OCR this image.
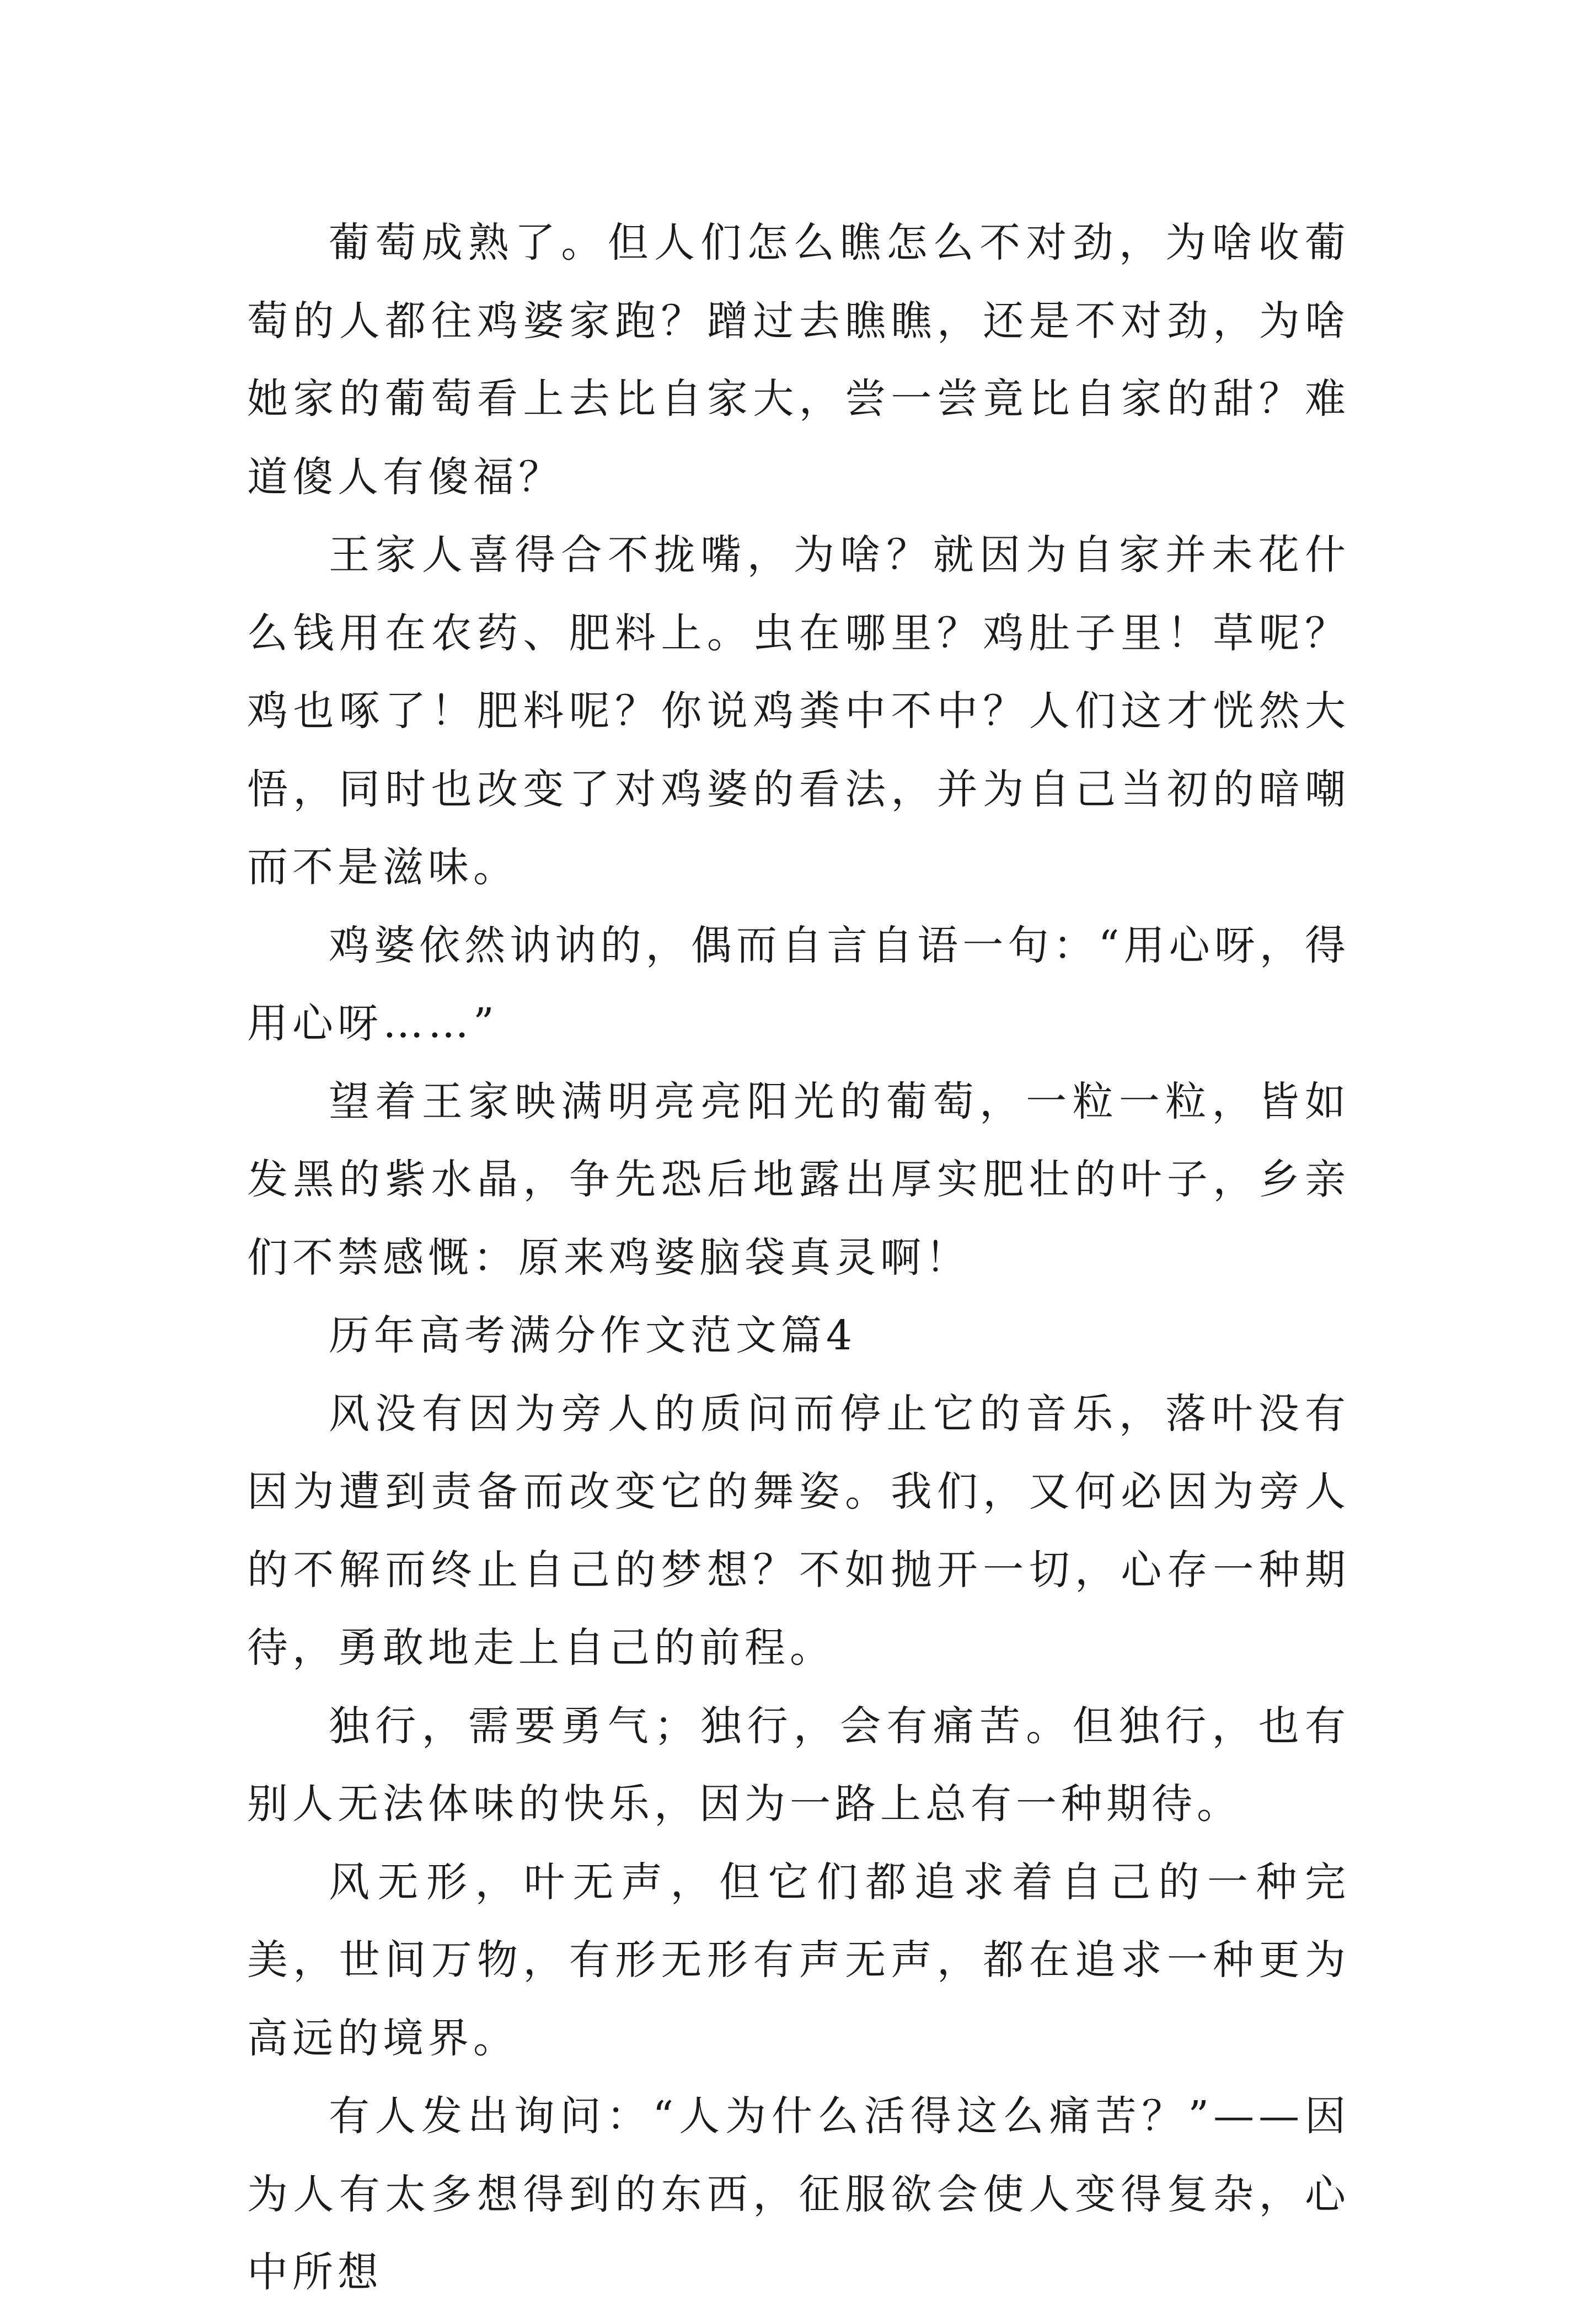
葡萄成熟了。但人们怎么瞧怎么不对劲，为啥收葡萄的人都往鸡婆家跑？蹭过去瞧瞧，还是不对劲，为啥她家的葡萄看上去比自家大，尝一尝竟比自家的甜？难道傻人有傻福？

王家人喜得合不拢嘴，为啥？就因为自家并未花什么钱用在农药、肥料上。虫在哪里？鸡肚子里！草呢？鸡也啄了！肥料呢？你说鸡粪中不中？人们这才恍然大悟，同时也改变了对鸡婆的看法，并为自己当初的暗嘲而不是滋味。

鸡婆依然讷讷的，偶而自言自语一句：“用心呀，得用心呀……”

望着王家映满明亮亮阳光的葡萄，一粒一粒，皆如发黑的紫水晶，争先恐后地露出厚实肥壮的叶子，乡亲们不禁感慨：原来鸡婆脑袋真灵啊！

历年高考满分作文范文篇4

风没有因为旁人的质问而停止它的音乐，落叶没有因为遭到责备而改变它的舞姿。我们，又何必因为旁人的不解而终止自己的梦想？不如抛开一切，心存一种期待，勇敢地走上自己的前程。

独行，需要勇气；独行，会有痛苦。但独行，也有别人无法体味的快乐，因为一路上总有一种期待。

风无形，叶无声，但它们都追求着自己的一种完美，世间万物，有形无形有声无声，都在追求一种更为高远的境界。

有人发出询问：“人为什么活得这么痛苦？”——因为人有太多想得到的东西，征服欲会使人变得复杂，心中所想
